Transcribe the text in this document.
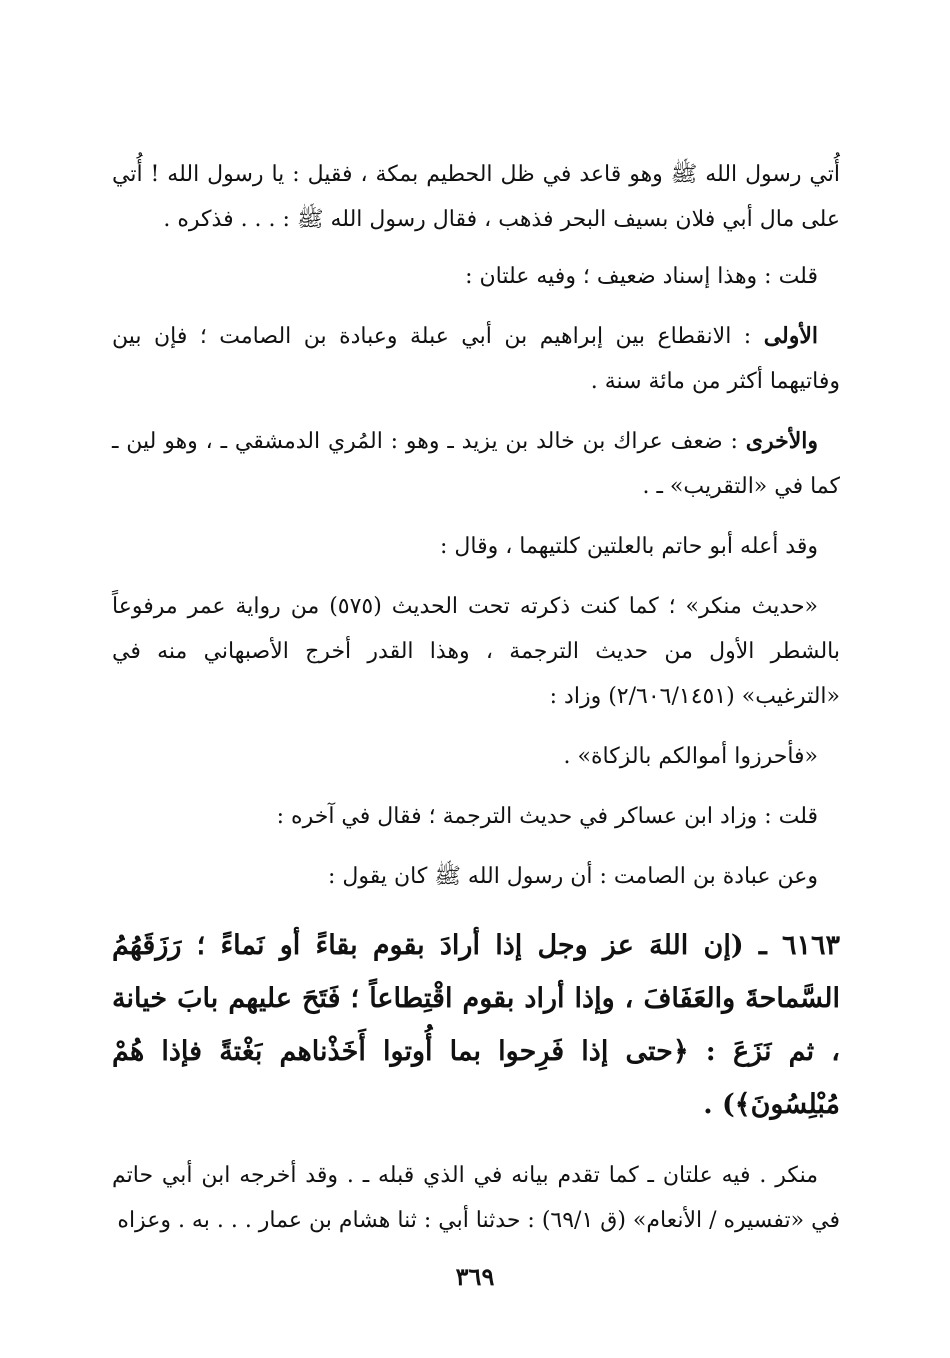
أُتي رسول الله ﷺ وهو قاعد في ظل الحطيم بمكة ، فقيل : يا رسول الله ! أُتي على مال أبي فلان بسيف البحر فذهب ، فقال رسول الله ﷺ : . . . فذكره .

قلت : وهذا إسناد ضعيف ؛ وفيه علتان :

الأولى : الانقطاع بين إبراهيم بن أبي عبلة وعبادة بن الصامت ؛ فإن بين وفاتيهما أكثر من مائة سنة .

والأخرى : ضعف عراك بن خالد بن يزيد ـ وهو : المُري الدمشقي ـ ، وهو لين ـ كما في «التقريب» ـ .

وقد أعله أبو حاتم بالعلتين كلتيهما ، وقال :

«حديث منكر» ؛ كما كنت ذكرته تحت الحديث (٥٧٥) من رواية عمر مرفوعاً بالشطر الأول من حديث الترجمة ، وهذا القدر أخرج الأصبهاني منه في «الترغيب» (٢/٦٠٦/١٤٥١) وزاد :

«فأحرزوا أموالكم بالزكاة» .

قلت : وزاد ابن عساكر في حديث الترجمة ؛ فقال في آخره :

وعن عبادة بن الصامت : أن رسول الله ﷺ كان يقول :

٦١٦٣ ـ (إن اللهَ عز وجل إذا أرادَ بقوم بقاءً أو نَماءً ؛ رَزَقَهُمُ السَّماحةَ والعَفَافَ ، وإذا أراد بقوم اقْتِطاعاً ؛ فَتَحَ عليهم بابَ خيانة ، ثم نَزَعَ : ﴿حتى إذا فَرِحوا بما أُوتوا أَخَذْناهم بَغْتةً فإذا هُمْ مُبْلِسُونَ﴾) .

منكر . فيه علتان ـ كما تقدم بيانه في الذي قبله ـ . وقد أخرجه ابن أبي حاتم في «تفسيره / الأنعام» (ق ٦٩/١) : حدثنا أبي : ثنا هشام بن عمار . . . به . وعزاه

٣٦٩
